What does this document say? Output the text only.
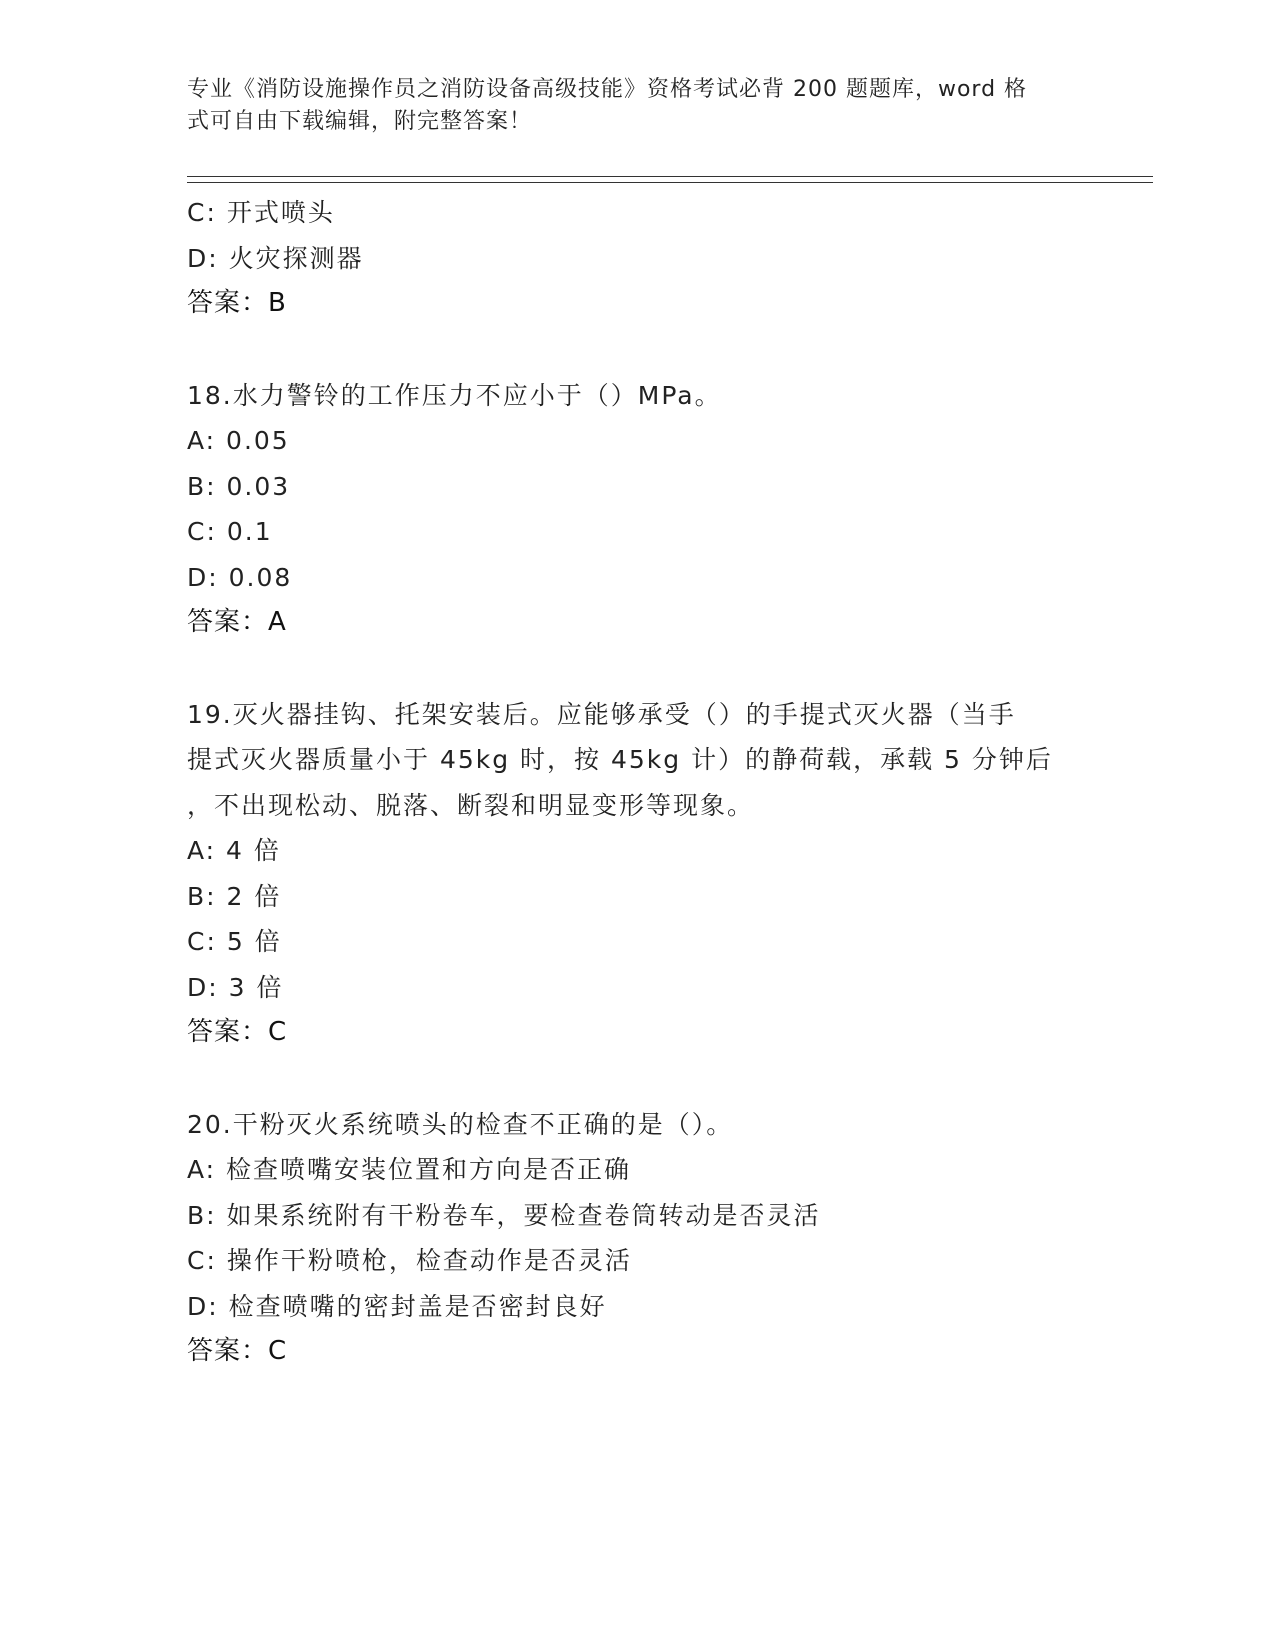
专业《消防设施操作员之消防设备高级技能》资格考试必背 200 题题库，word 格
式可自由下载编辑，附完整答案！
C: 开式喷头
D: 火灾探测器
答案：B
18.水力警铃的工作压力不应小于（）MPa。
A: 0.05
B: 0.03
C: 0.1
D: 0.08
答案：A
19.灭火器挂钩、托架安装后。应能够承受（）的手提式灭火器（当手
提式灭火器质量小于 45kg 时，按 45kg 计）的静荷载，承载 5 分钟后
，不出现松动、脱落、断裂和明显变形等现象。
A: 4 倍
B: 2 倍
C: 5 倍
D: 3 倍
答案：C
20.干粉灭火系统喷头的检查不正确的是（）。
A: 检查喷嘴安装位置和方向是否正确
B: 如果系统附有干粉卷车，要检查卷筒转动是否灵活
C: 操作干粉喷枪，检查动作是否灵活
D: 检查喷嘴的密封盖是否密封良好
答案：C
